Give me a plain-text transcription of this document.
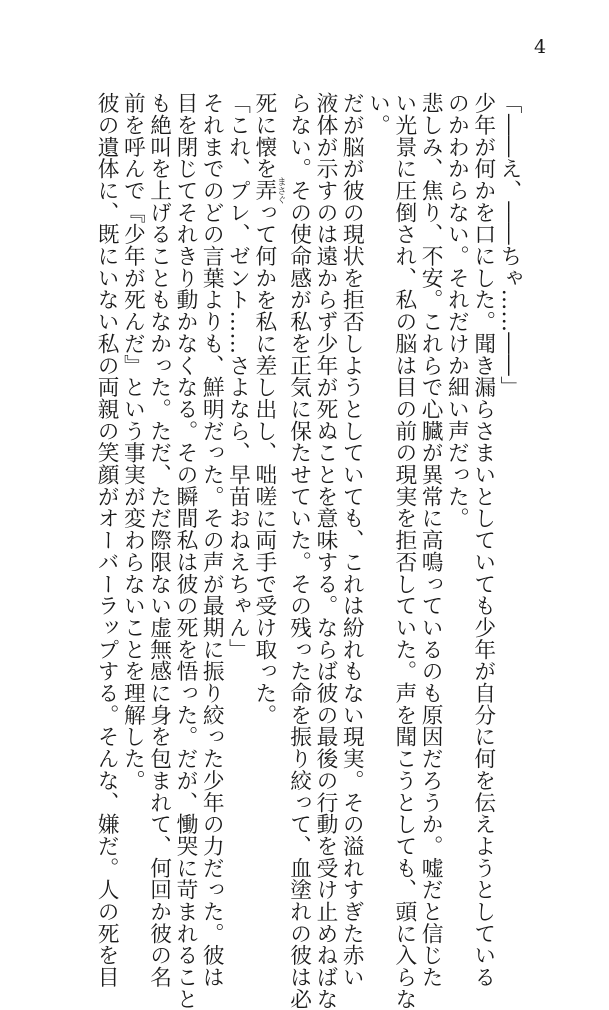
4

「――え、――ちゃ……――」

少年が何かを口にした。聞き漏らさまいとしていても少年が自分に何を伝えようとしている

のかわからない。それだけか細い声だった。

悲しみ、焦り、不安。これらで心臓が異常に高鳴っているのも原因だろうか。嘘だと信じた

い光景に圧倒され、私の脳は目の前の現実を拒否していた。声を聞こうとしても、頭に入らな

い。

だが脳が彼の現状を拒否しようとしていても、これは紛れもない現実。その溢れすぎた赤い

液体が示すのは遠からず少年が死ぬことを意味する。ならば彼の最後の行動を受け止めねばな

らない。その使命感が私を正気に保たせていた。その残った命を振り絞って、血塗れの彼は必

死に懐を弄まさぐって何かを私に差し出し、咄嗟に両手で受け取った。

「これ、プレ、ゼント……さよなら、早苗おねえちゃん」

それまでのどの言葉よりも、鮮明だった。その声が最期に振り絞った少年の力だった。彼は

目を閉じてそれきり動かなくなる。その瞬間私は彼の死を悟った。だが、慟哭に苛まれること

も絶叫を上げることもなかった。ただ、ただ際限ない虚無感に身を包まれて、何回か彼の名

前を呼んで『少年が死んだ』という事実が変わらないことを理解した。

彼の遺体に、既にいない私の両親の笑顔がオーバーラップする。そんな、嫌だ。人の死を目
